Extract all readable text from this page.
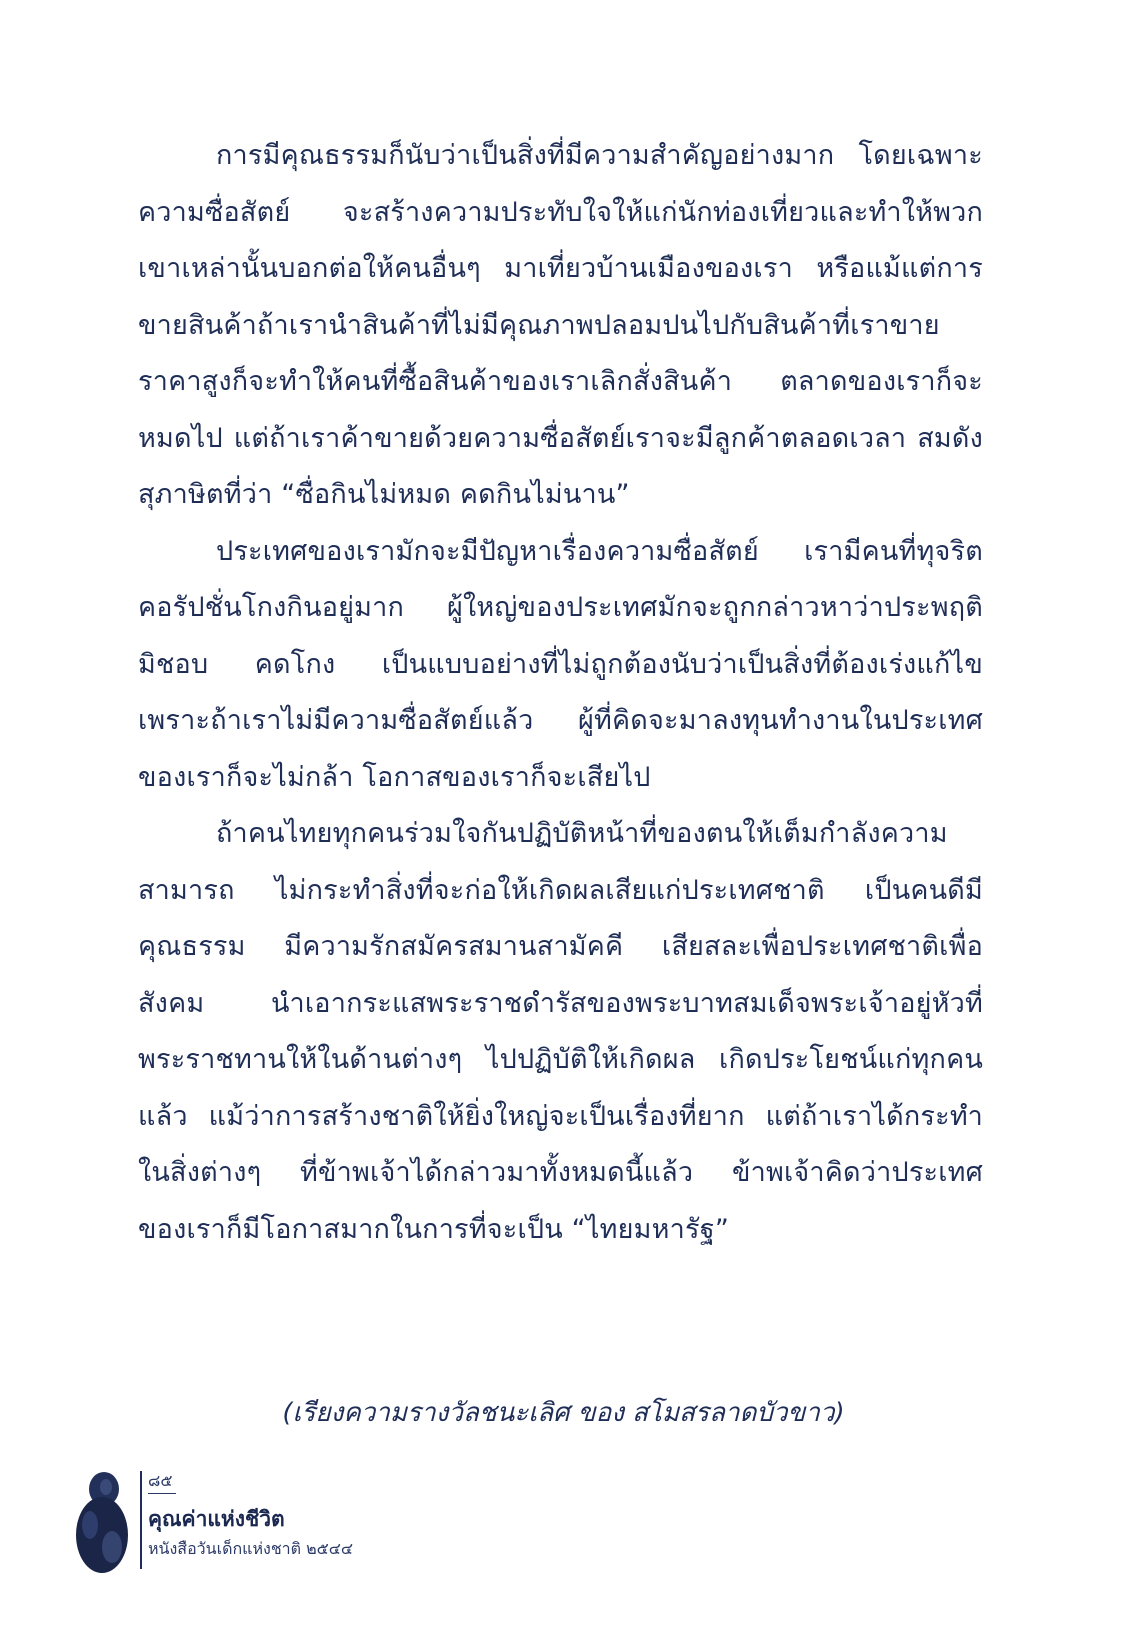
การมีคุณธรรมก็นับว่าเป็นสิ่งที่มีความสำคัญอย่างมาก โดยเฉพาะ

ความซื่อสัตย์ จะสร้างความประทับใจให้แก่นักท่องเที่ยวและทำให้พวก

เขาเหล่านั้นบอกต่อให้คนอื่นๆ มาเที่ยวบ้านเมืองของเรา หรือแม้แต่การ

ขายสินค้าถ้าเรานำสินค้าที่ไม่มีคุณภาพปลอมปนไปกับสินค้าที่เราขาย

ราคาสูงก็จะทำให้คนที่ซื้อสินค้าของเราเลิกสั่งสินค้า ตลาดของเราก็จะ

หมดไป แต่ถ้าเราค้าขายด้วยความซื่อสัตย์เราจะมีลูกค้าตลอดเวลา สมดัง

สุภาษิตที่ว่า “ซื่อกินไม่หมด คดกินไม่นาน”

ประเทศของเรามักจะมีปัญหาเรื่องความซื่อสัตย์ เรามีคนที่ทุจริต

คอรัปชั่นโกงกินอยู่มาก ผู้ใหญ่ของประเทศมักจะถูกกล่าวหาว่าประพฤติ

มิชอบ คดโกง เป็นแบบอย่างที่ไม่ถูกต้องนับว่าเป็นสิ่งที่ต้องเร่งแก้ไข

เพราะถ้าเราไม่มีความซื่อสัตย์แล้ว ผู้ที่คิดจะมาลงทุนทำงานในประเทศ

ของเราก็จะไม่กล้า โอกาสของเราก็จะเสียไป

ถ้าคนไทยทุกคนร่วมใจกันปฏิบัติหน้าที่ของตนให้เต็มกำลังความ

สามารถ ไม่กระทำสิ่งที่จะก่อให้เกิดผลเสียแก่ประเทศชาติ เป็นคนดีมี

คุณธรรม มีความรักสมัครสมานสามัคคี เสียสละเพื่อประเทศชาติเพื่อ

สังคม นำเอากระแสพระราชดำรัสของพระบาทสมเด็จพระเจ้าอยู่หัวที่

พระราชทานให้ในด้านต่างๆ ไปปฏิบัติให้เกิดผล เกิดประโยชน์แก่ทุกคน

แล้ว แม้ว่าการสร้างชาติให้ยิ่งใหญ่จะเป็นเรื่องที่ยาก แต่ถ้าเราได้กระทำ

ในสิ่งต่างๆ ที่ข้าพเจ้าได้กล่าวมาทั้งหมดนี้แล้ว ข้าพเจ้าคิดว่าประเทศ

ของเราก็มีโอกาสมากในการที่จะเป็น “ไทยมหารัฐ”

(เรียงความรางวัลชนะเลิศ ของ สโมสรลาดบัวขาว)
๘๕
คุณค่าแห่งชีวิต
หนังสือวันเด็กแห่งชาติ ๒๕๔๔
